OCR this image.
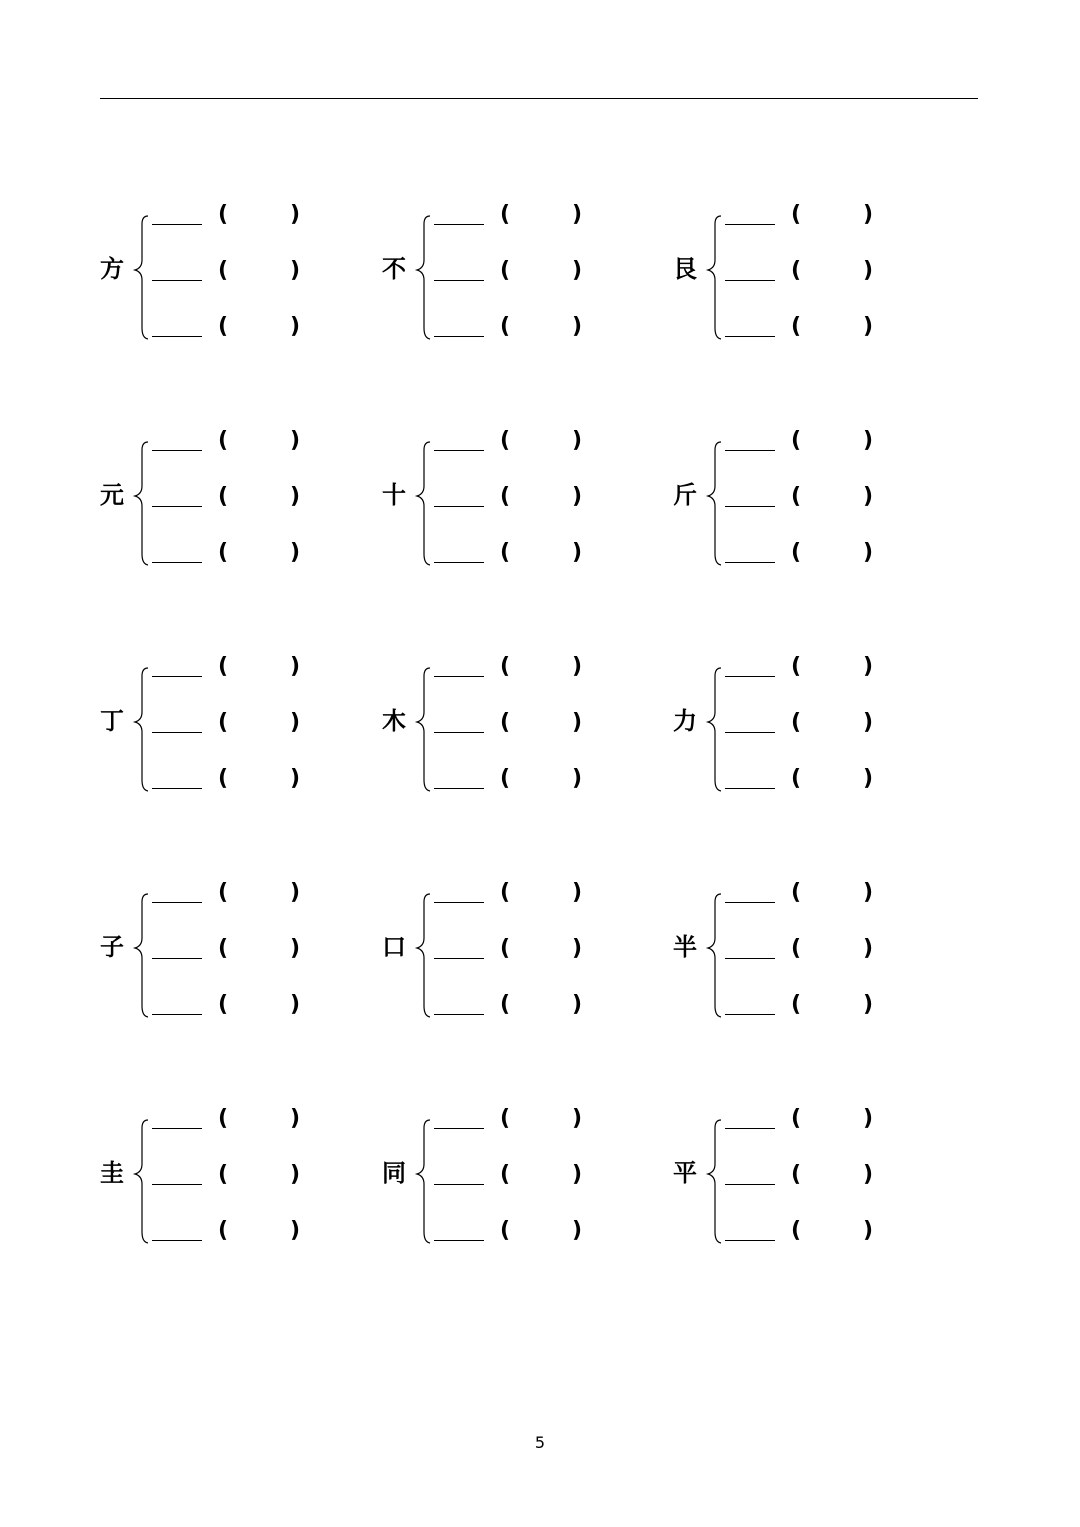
方
(	)
(	)
(	)
不
(	)
(	)
(	)
艮
(	)
(	)
(	)
元
(	)
(	)
(	)
十
(	)
(	)
(	)
斤
(	)
(	)
(	)
丁
(	)
(	)
(	)
木
(	)
(	)
(	)
力
(	)
(	)
(	)
子
(	)
(	)
(	)
口
(	)
(	)
(	)
半
(	)
(	)
(	)
圭
(	)
(	)
(	)
同
(	)
(	)
(	)
平
(	)
(	)
(	)
5
